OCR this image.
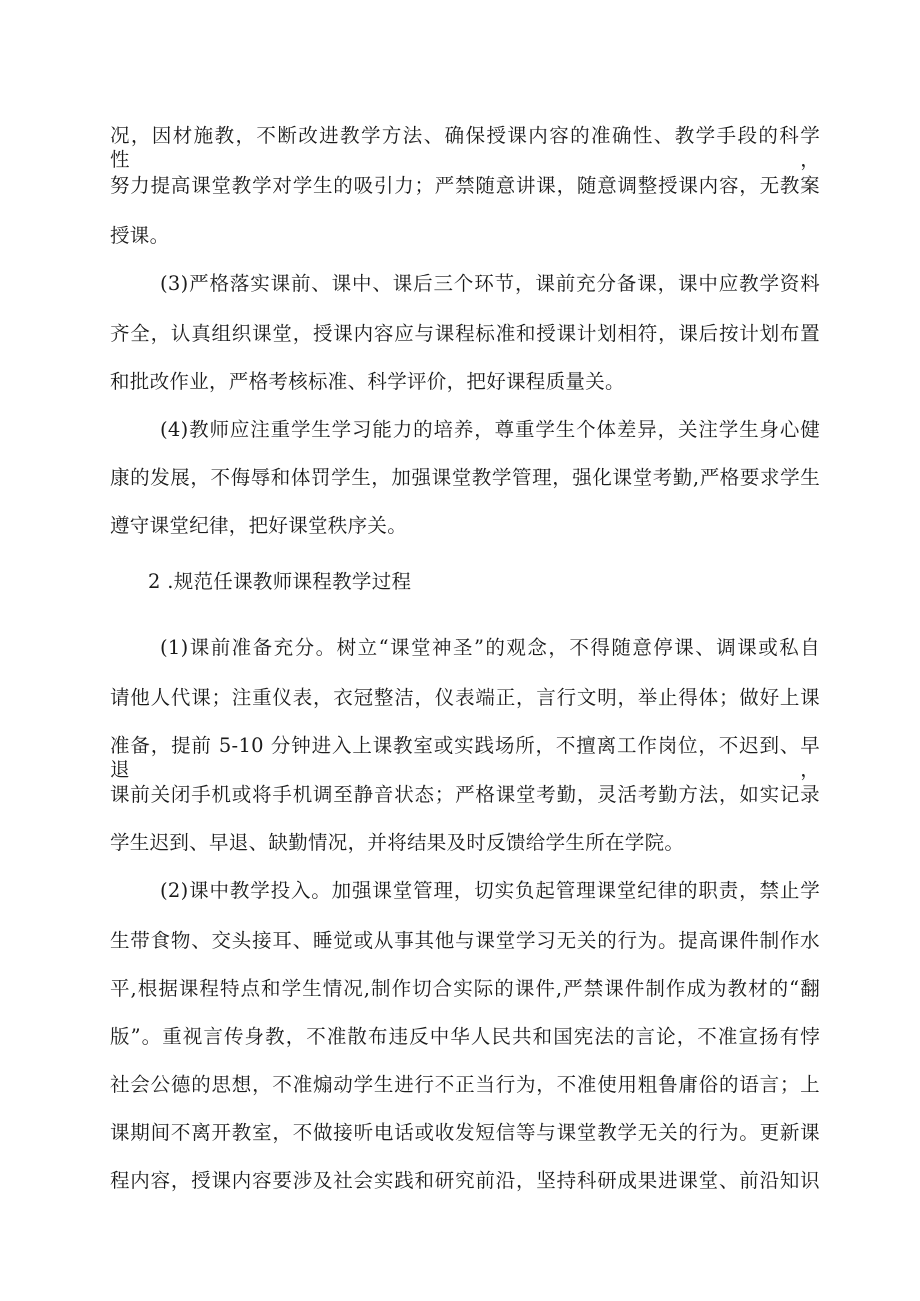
况，因材施教，不断改进教学方法、确保授课内容的准确性、教学手段的科学性，
努力提高课堂教学对学生的吸引力；严禁随意讲课，随意调整授课内容，无教案
授课。
(3)严格落实课前、课中、课后三个环节，课前充分备课，课中应教学资料
齐全，认真组织课堂，授课内容应与课程标准和授课计划相符，课后按计划布置
和批改作业，严格考核标准、科学评价，把好课程质量关。
(4)教师应注重学生学习能力的培养，尊重学生个体差异，关注学生身心健
康的发展，不侮辱和体罚学生，加强课堂教学管理，强化课堂考勤,严格要求学生
遵守课堂纪律，把好课堂秩序关。
2 .规范任课教师课程教学过程
(1)课前准备充分。树立“课堂神圣”的观念，不得随意停课、调课或私自
请他人代课；注重仪表，衣冠整洁，仪表端正，言行文明，举止得体；做好上课
准备，提前 5-10 分钟进入上课教室或实践场所，不擅离工作岗位，不迟到、早退，
课前关闭手机或将手机调至静音状态；严格课堂考勤，灵活考勤方法，如实记录
学生迟到、早退、缺勤情况，并将结果及时反馈给学生所在学院。
(2)课中教学投入。加强课堂管理，切实负起管理课堂纪律的职责，禁止学
生带食物、交头接耳、睡觉或从事其他与课堂学习无关的行为。提高课件制作水
平,根据课程特点和学生情况,制作切合实际的课件,严禁课件制作成为教材的“翻
版”。重视言传身教，不准散布违反中华人民共和国宪法的言论，不准宣扬有悖
社会公德的思想，不准煽动学生进行不正当行为，不准使用粗鲁庸俗的语言；上
课期间不离开教室，不做接听电话或收发短信等与课堂教学无关的行为。更新课
程内容，授课内容要涉及社会实践和研究前沿，坚持科研成果进课堂、前沿知识
